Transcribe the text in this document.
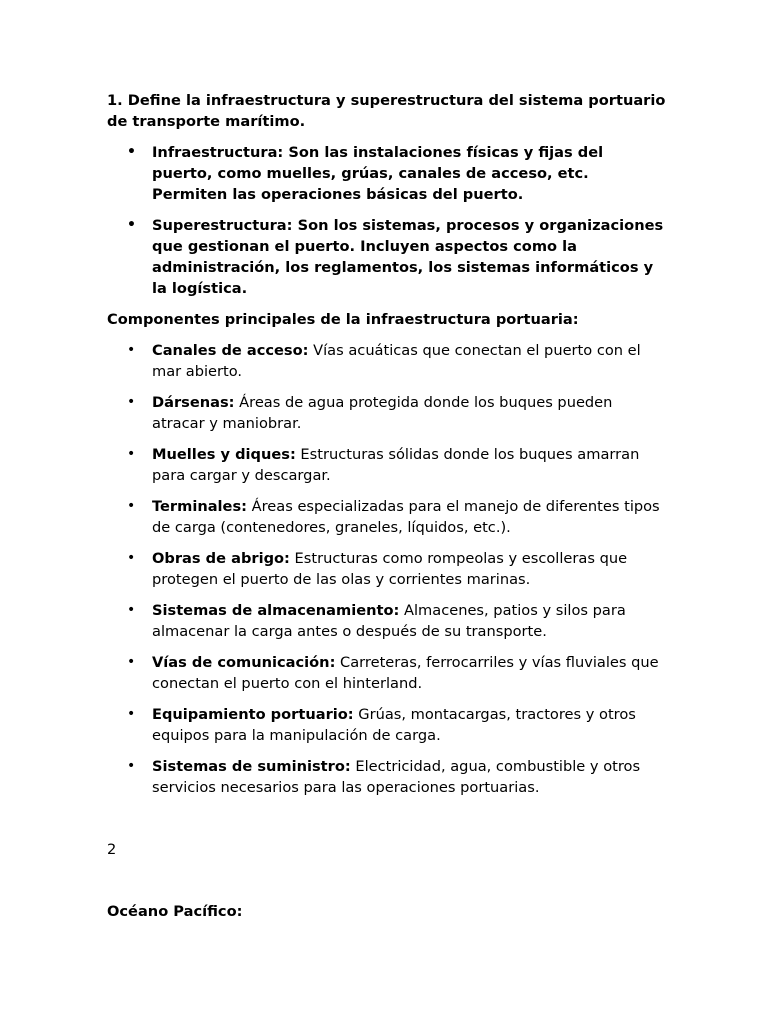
1. Define la infraestructura y superestructura del sistema portuario de transporte marítimo.

• Infraestructura: Son las instalaciones físicas y fijas del puerto, como muelles, grúas, canales de acceso, etc. Permiten las operaciones básicas del puerto.
• Superestructura: Son los sistemas, procesos y organizaciones que gestionan el puerto. Incluyen aspectos como la administración, los reglamentos, los sistemas informáticos y la logística.

Componentes principales de la infraestructura portuaria:

• Canales de acceso: Vías acuáticas que conectan el puerto con el mar abierto.
• Dársenas: Áreas de agua protegida donde los buques pueden atracar y maniobrar.
• Muelles y diques: Estructuras sólidas donde los buques amarran para cargar y descargar.
• Terminales: Áreas especializadas para el manejo de diferentes tipos de carga (contenedores, graneles, líquidos, etc.).
• Obras de abrigo: Estructuras como rompeolas y escolleras que protegen el puerto de las olas y corrientes marinas.
• Sistemas de almacenamiento: Almacenes, patios y silos para almacenar la carga antes o después de su transporte.
• Vías de comunicación: Carreteras, ferrocarriles y vías fluviales que conectan el puerto con el hinterland.
• Equipamiento portuario: Grúas, montacargas, tractores y otros equipos para la manipulación de carga.
• Sistemas de suministro: Electricidad, agua, combustible y otros servicios necesarios para las operaciones portuarias.
2
Océano Pacífico:
